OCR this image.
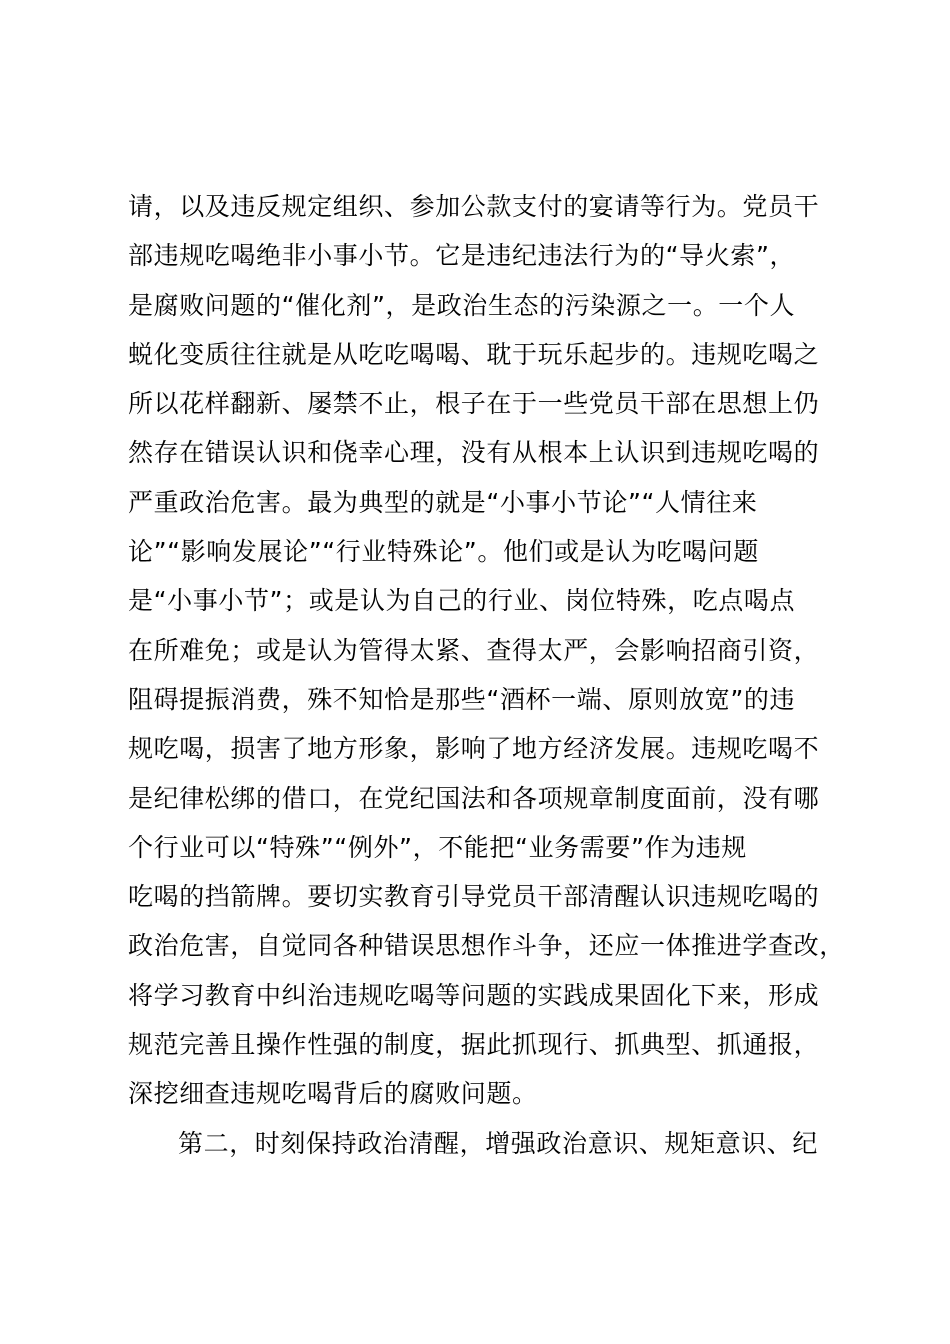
请，以及违反规定组织、参加公款支付的宴请等行为。党员干
部违规吃喝绝非小事小节。它是违纪违法行为的“导火索”，
是腐败问题的“催化剂”，是政治生态的污染源之一。一个人
蜕化变质往往就是从吃吃喝喝、耽于玩乐起步的。违规吃喝之
所以花样翻新、屡禁不止，根子在于一些党员干部在思想上仍
然存在错误认识和侥幸心理，没有从根本上认识到违规吃喝的
严重政治危害。最为典型的就是“小事小节论”“人情往来
论”“影响发展论”“行业特殊论”。他们或是认为吃喝问题
是“小事小节”；或是认为自己的行业、岗位特殊，吃点喝点
在所难免；或是认为管得太紧、查得太严，会影响招商引资，
阻碍提振消费，殊不知恰是那些“酒杯一端、原则放宽”的违
规吃喝，损害了地方形象，影响了地方经济发展。违规吃喝不
是纪律松绑的借口，在党纪国法和各项规章制度面前，没有哪
个行业可以“特殊”“例外”，不能把“业务需要”作为违规
吃喝的挡箭牌。要切实教育引导党员干部清醒认识违规吃喝的
政治危害，自觉同各种错误思想作斗争，还应一体推进学查改，
将学习教育中纠治违规吃喝等问题的实践成果固化下来，形成
规范完善且操作性强的制度，据此抓现行、抓典型、抓通报，
深挖细查违规吃喝背后的腐败问题。
第二，时刻保持政治清醒，增强政治意识、规矩意识、纪
